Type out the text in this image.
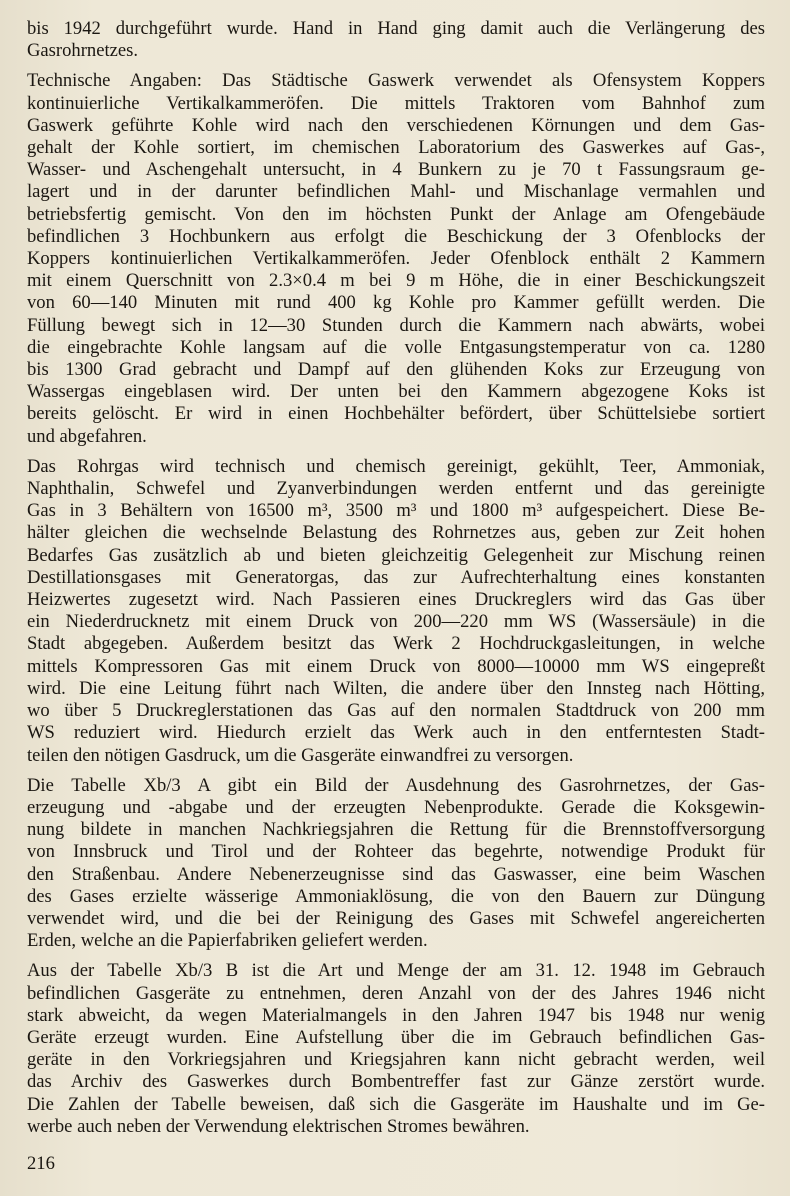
bis 1942 durchgeführt wurde. Hand in Hand ging damit auch die Verlängerung des
Gasrohrnetzes.

Technische Angaben: Das Städtische Gaswerk verwendet als Ofensystem Koppers
kontinuierliche Vertikalkammeröfen. Die mittels Traktoren vom Bahnhof zum
Gaswerk geführte Kohle wird nach den verschiedenen Körnungen und dem Gas-
gehalt der Kohle sortiert, im chemischen Laboratorium des Gaswerkes auf Gas-,
Wasser- und Aschengehalt untersucht, in 4 Bunkern zu je 70 t Fassungsraum ge-
lagert und in der darunter befindlichen Mahl- und Mischanlage vermahlen und
betriebsfertig gemischt. Von den im höchsten Punkt der Anlage am Ofengebäude
befindlichen 3 Hochbunkern aus erfolgt die Beschickung der 3 Ofenblocks der
Koppers kontinuierlichen Vertikalkammeröfen. Jeder Ofenblock enthält 2 Kammern
mit einem Querschnitt von 2.3×0.4 m bei 9 m Höhe, die in einer Beschickungszeit
von 60—140 Minuten mit rund 400 kg Kohle pro Kammer gefüllt werden. Die
Füllung bewegt sich in 12—30 Stunden durch die Kammern nach abwärts, wobei
die eingebrachte Kohle langsam auf die volle Entgasungstemperatur von ca. 1280
bis 1300 Grad gebracht und Dampf auf den glühenden Koks zur Erzeugung von
Wassergas eingeblasen wird. Der unten bei den Kammern abgezogene Koks ist
bereits gelöscht. Er wird in einen Hochbehälter befördert, über Schüttelsiebe sortiert
und abgefahren.

Das Rohrgas wird technisch und chemisch gereinigt, gekühlt, Teer, Ammoniak,
Naphthalin, Schwefel und Zyanverbindungen werden entfernt und das gereinigte
Gas in 3 Behältern von 16500 m³, 3500 m³ und 1800 m³ aufgespeichert. Diese Be-
hälter gleichen die wechselnde Belastung des Rohrnetzes aus, geben zur Zeit hohen
Bedarfes Gas zusätzlich ab und bieten gleichzeitig Gelegenheit zur Mischung reinen
Destillationsgases mit Generatorgas, das zur Aufrechterhaltung eines konstanten
Heizwertes zugesetzt wird. Nach Passieren eines Druckreglers wird das Gas über
ein Niederdrucknetz mit einem Druck von 200—220 mm WS (Wassersäule) in die
Stadt abgegeben. Außerdem besitzt das Werk 2 Hochdruckgasleitungen, in welche
mittels Kompressoren Gas mit einem Druck von 8000—10000 mm WS eingepreßt
wird. Die eine Leitung führt nach Wilten, die andere über den Innsteg nach Hötting,
wo über 5 Druckreglerstationen das Gas auf den normalen Stadtdruck von 200 mm
WS reduziert wird. Hiedurch erzielt das Werk auch in den entferntesten Stadt-
teilen den nötigen Gasdruck, um die Gasgeräte einwandfrei zu versorgen.

Die Tabelle Xb/3 A gibt ein Bild der Ausdehnung des Gasrohrnetzes, der Gas-
erzeugung und -abgabe und der erzeugten Nebenprodukte. Gerade die Koksgewin-
nung bildete in manchen Nachkriegsjahren die Rettung für die Brennstoffversorgung
von Innsbruck und Tirol und der Rohteer das begehrte, notwendige Produkt für
den Straßenbau. Andere Nebenerzeugnisse sind das Gaswasser, eine beim Waschen
des Gases erzielte wässerige Ammoniaklösung, die von den Bauern zur Düngung
verwendet wird, und die bei der Reinigung des Gases mit Schwefel angereicherten
Erden, welche an die Papierfabriken geliefert werden.

Aus der Tabelle Xb/3 B ist die Art und Menge der am 31. 12. 1948 im Gebrauch
befindlichen Gasgeräte zu entnehmen, deren Anzahl von der des Jahres 1946 nicht
stark abweicht, da wegen Materialmangels in den Jahren 1947 bis 1948 nur wenig
Geräte erzeugt wurden. Eine Aufstellung über die im Gebrauch befindlichen Gas-
geräte in den Vorkriegsjahren und Kriegsjahren kann nicht gebracht werden, weil
das Archiv des Gaswerkes durch Bombentreffer fast zur Gänze zerstört wurde.
Die Zahlen der Tabelle beweisen, daß sich die Gasgeräte im Haushalte und im Ge-
werbe auch neben der Verwendung elektrischen Stromes bewähren.

216
